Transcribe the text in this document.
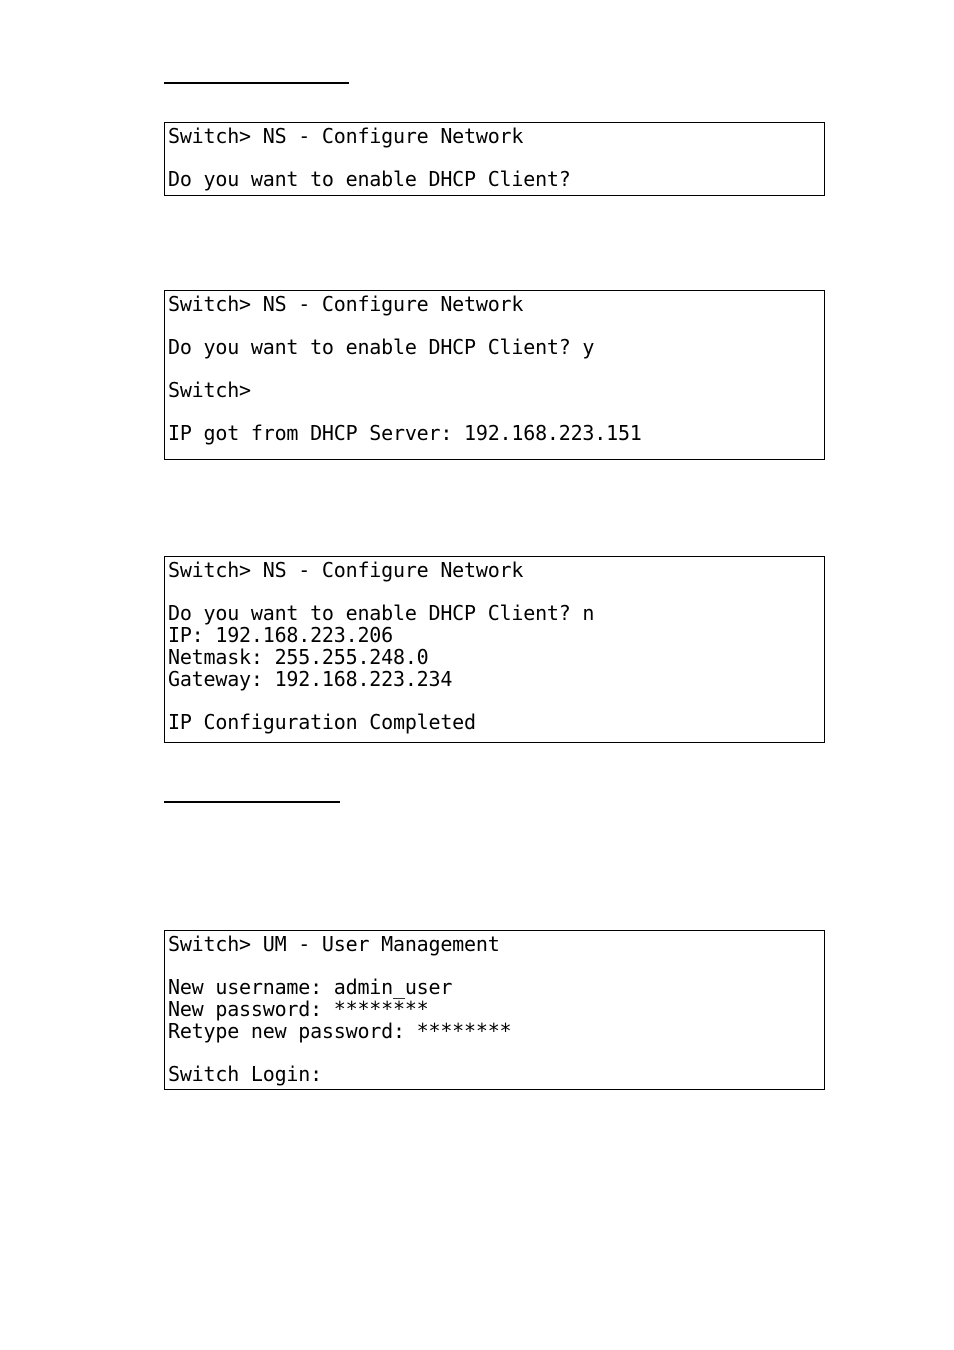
Switch> NS - Configure Network
Do you want to enable DHCP Client?
Switch> NS - Configure Network
Do you want to enable DHCP Client? y
Switch>
IP got from DHCP Server: 192.168.223.151
Switch> NS - Configure Network
Do you want to enable DHCP Client? n
IP: 192.168.223.206
Netmask: 255.255.248.0
Gateway: 192.168.223.234
IP Configuration Completed
Switch> UM - User Management
New username: admin_user
New password: ********
Retype new password: ********
Switch Login:
